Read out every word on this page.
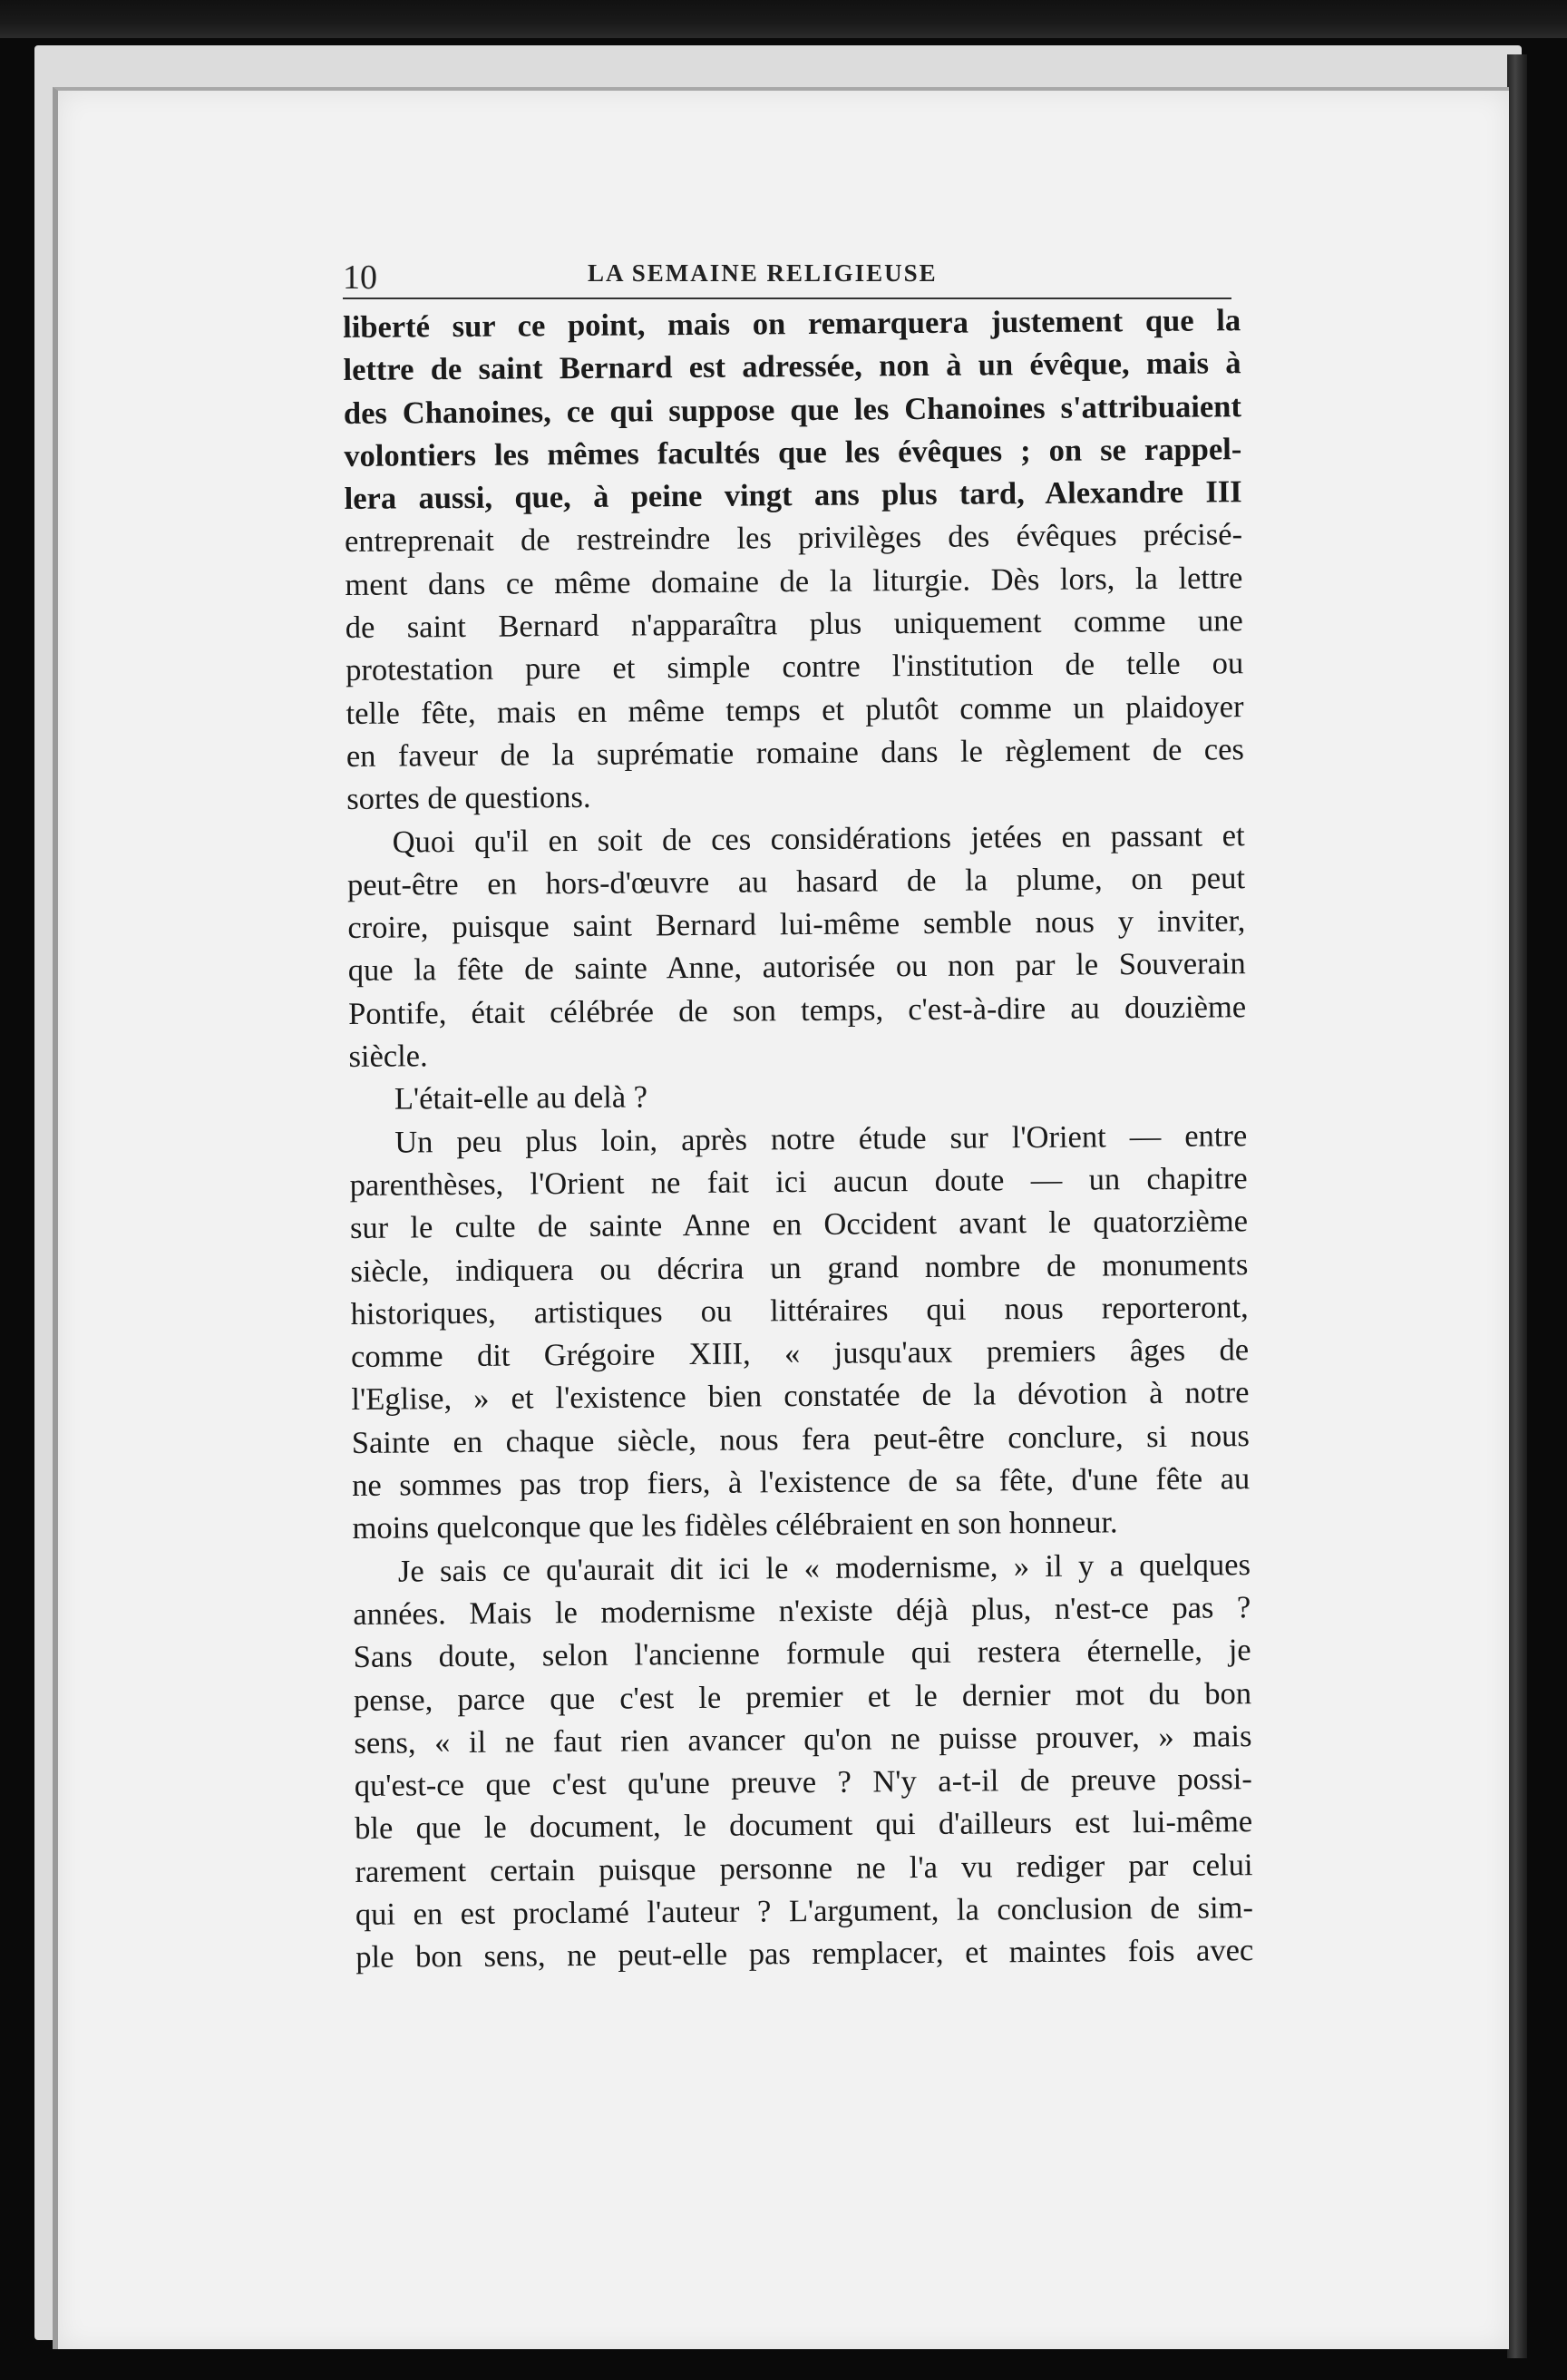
10	LA SEMAINE RELIGIEUSE
liberté sur ce point, mais on remarquera justement que la
lettre de saint Bernard est adressée, non à un évêque, mais à
des Chanoines, ce qui suppose que les Chanoines s'attribuaient
volontiers les mêmes facultés que les évêques ; on se rappel-
lera aussi, que, à peine vingt ans plus tard, Alexandre III
entreprenait de restreindre les privilèges des évêques précisé-
ment dans ce même domaine de la liturgie. Dès lors, la lettre
de saint Bernard n'apparaîtra plus uniquement comme une
protestation pure et simple contre l'institution de telle ou
telle fête, mais en même temps et plutôt comme un plaidoyer
en faveur de la suprématie romaine dans le règlement de ces
sortes de questions.
Quoi qu'il en soit de ces considérations jetées en passant et
peut-être en hors-d'œuvre au hasard de la plume, on peut
croire, puisque saint Bernard lui-même semble nous y inviter,
que la fête de sainte Anne, autorisée ou non par le Souverain
Pontife, était célébrée de son temps, c'est-à-dire au douzième
siècle.
L'était-elle au delà ?
Un peu plus loin, après notre étude sur l'Orient — entre
parenthèses, l'Orient ne fait ici aucun doute — un chapitre
sur le culte de sainte Anne en Occident avant le quatorzième
siècle, indiquera ou décrira un grand nombre de monuments
historiques, artistiques ou littéraires qui nous reporteront,
comme dit Grégoire XIII, « jusqu'aux premiers âges de
l'Eglise, » et l'existence bien constatée de la dévotion à notre
Sainte en chaque siècle, nous fera peut-être conclure, si nous
ne sommes pas trop fiers, à l'existence de sa fête, d'une fête au
moins quelconque que les fidèles célébraient en son honneur.
Je sais ce qu'aurait dit ici le « modernisme, » il y a quelques
années. Mais le modernisme n'existe déjà plus, n'est-ce pas ?
Sans doute, selon l'ancienne formule qui restera éternelle, je
pense, parce que c'est le premier et le dernier mot du bon
sens, « il ne faut rien avancer qu'on ne puisse prouver, » mais
qu'est-ce que c'est qu'une preuve ? N'y a-t-il de preuve possi-
ble que le document, le document qui d'ailleurs est lui-même
rarement certain puisque personne ne l'a vu rediger par celui
qui en est proclamé l'auteur ? L'argument, la conclusion de sim-
ple bon sens, ne peut-elle pas remplacer, et maintes fois avec
